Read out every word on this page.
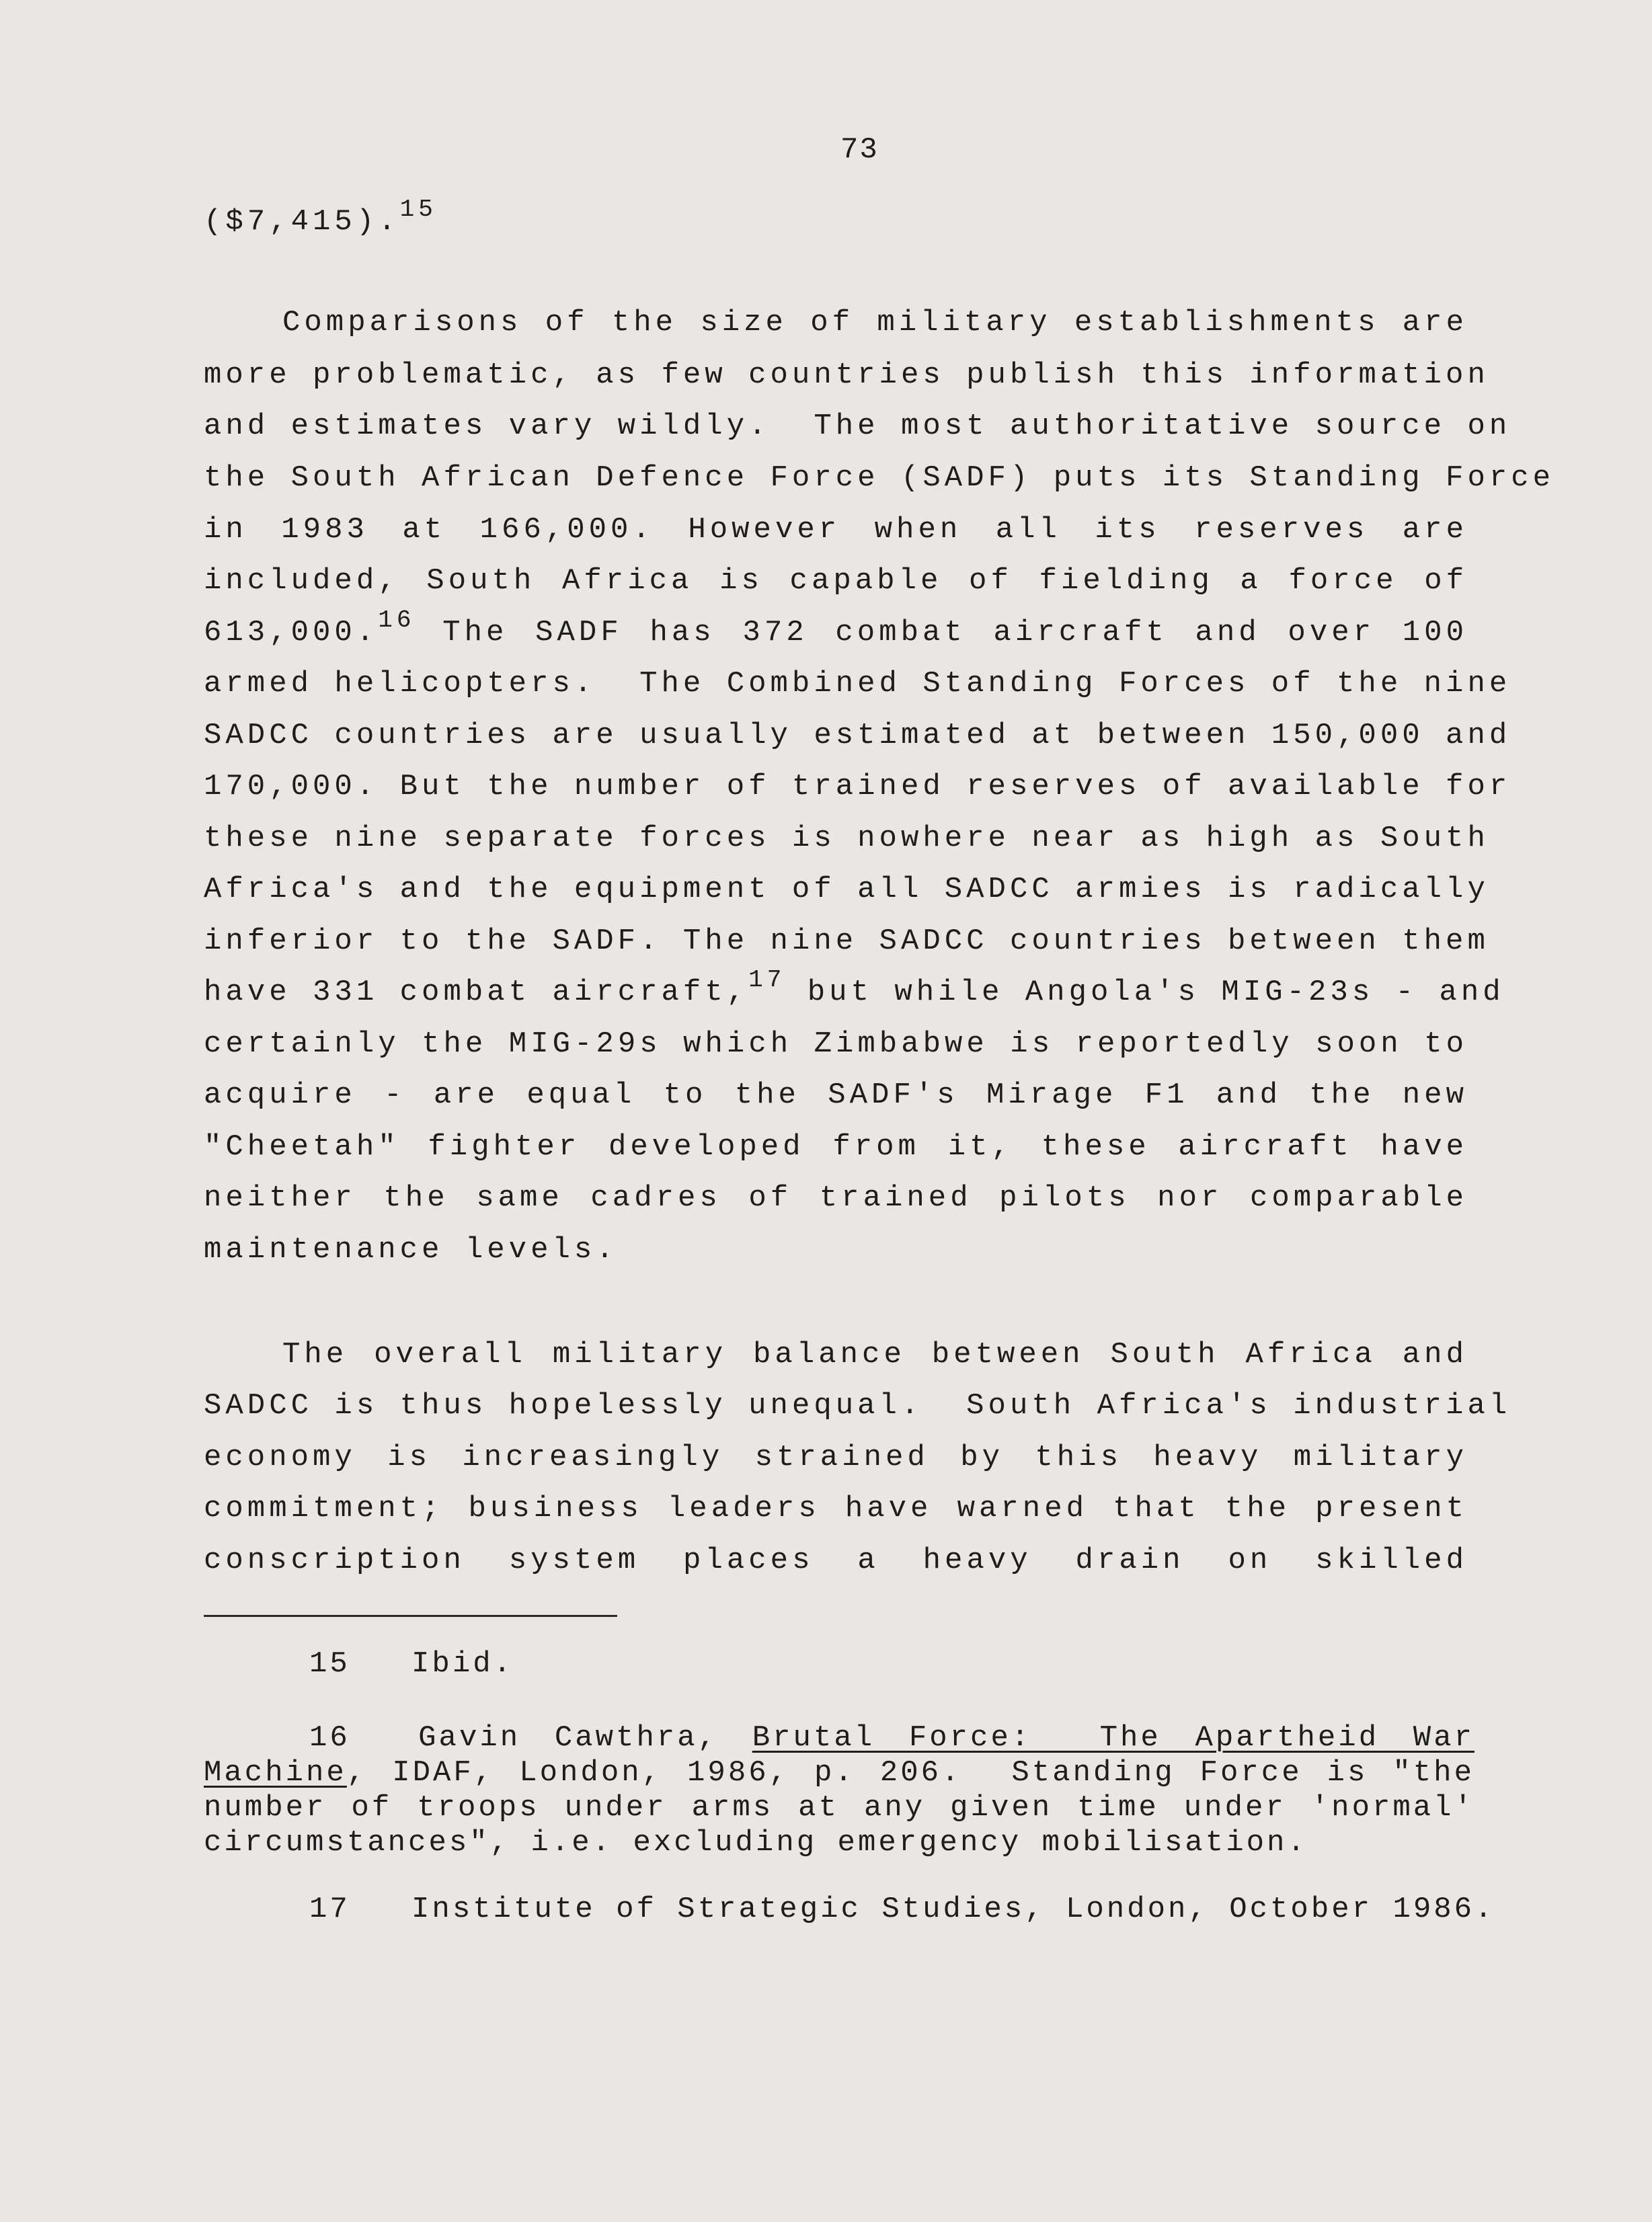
73
($7,415).$^{15}$
Comparisons of the size of military establishments are
more problematic, as few countries publish this information
and estimates vary wildly.  The most authoritative source on
the South African Defence Force (SADF) puts its Standing Force
in 1983 at 166,000. However when all its reserves are
included, South Africa is capable of fielding a force of
613,000.16 The SADF has 372 combat aircraft and over 100
armed helicopters.  The Combined Standing Forces of the nine
SADCC countries are usually estimated at between 150,000 and
170,000. But the number of trained reserves of available for
these nine separate forces is nowhere near as high as South
Africa's and the equipment of all SADCC armies is radically
inferior to the SADF. The nine SADCC countries between them
have 331 combat aircraft,$^{17}$ but while Angola's MIG-23s - and
certainly the MIG-29s which Zimbabwe is reportedly soon to
acquire - are equal to the SADF's Mirage F1 and the new
"Cheetah" fighter developed from it, these aircraft have
neither the same cadres of trained pilots nor comparable
maintenance levels.
The overall military balance between South Africa and
SADCC is thus hopelessly unequal.  South Africa's industrial
economy is increasingly strained by this heavy military
commitment; business leaders have warned that the present
conscription system places a heavy drain on skilled
15 Ibid.
16 Gavin Cawthra, Brutal Force:  The Apartheid War
Machine, IDAF, London, 1986, p. 206.  Standing Force is "the
number of troops under arms at any given time under 'normal'
circumstances", i.e. excluding emergency mobilisation.
17 Institute of Strategic Studies, London, October 1986.
